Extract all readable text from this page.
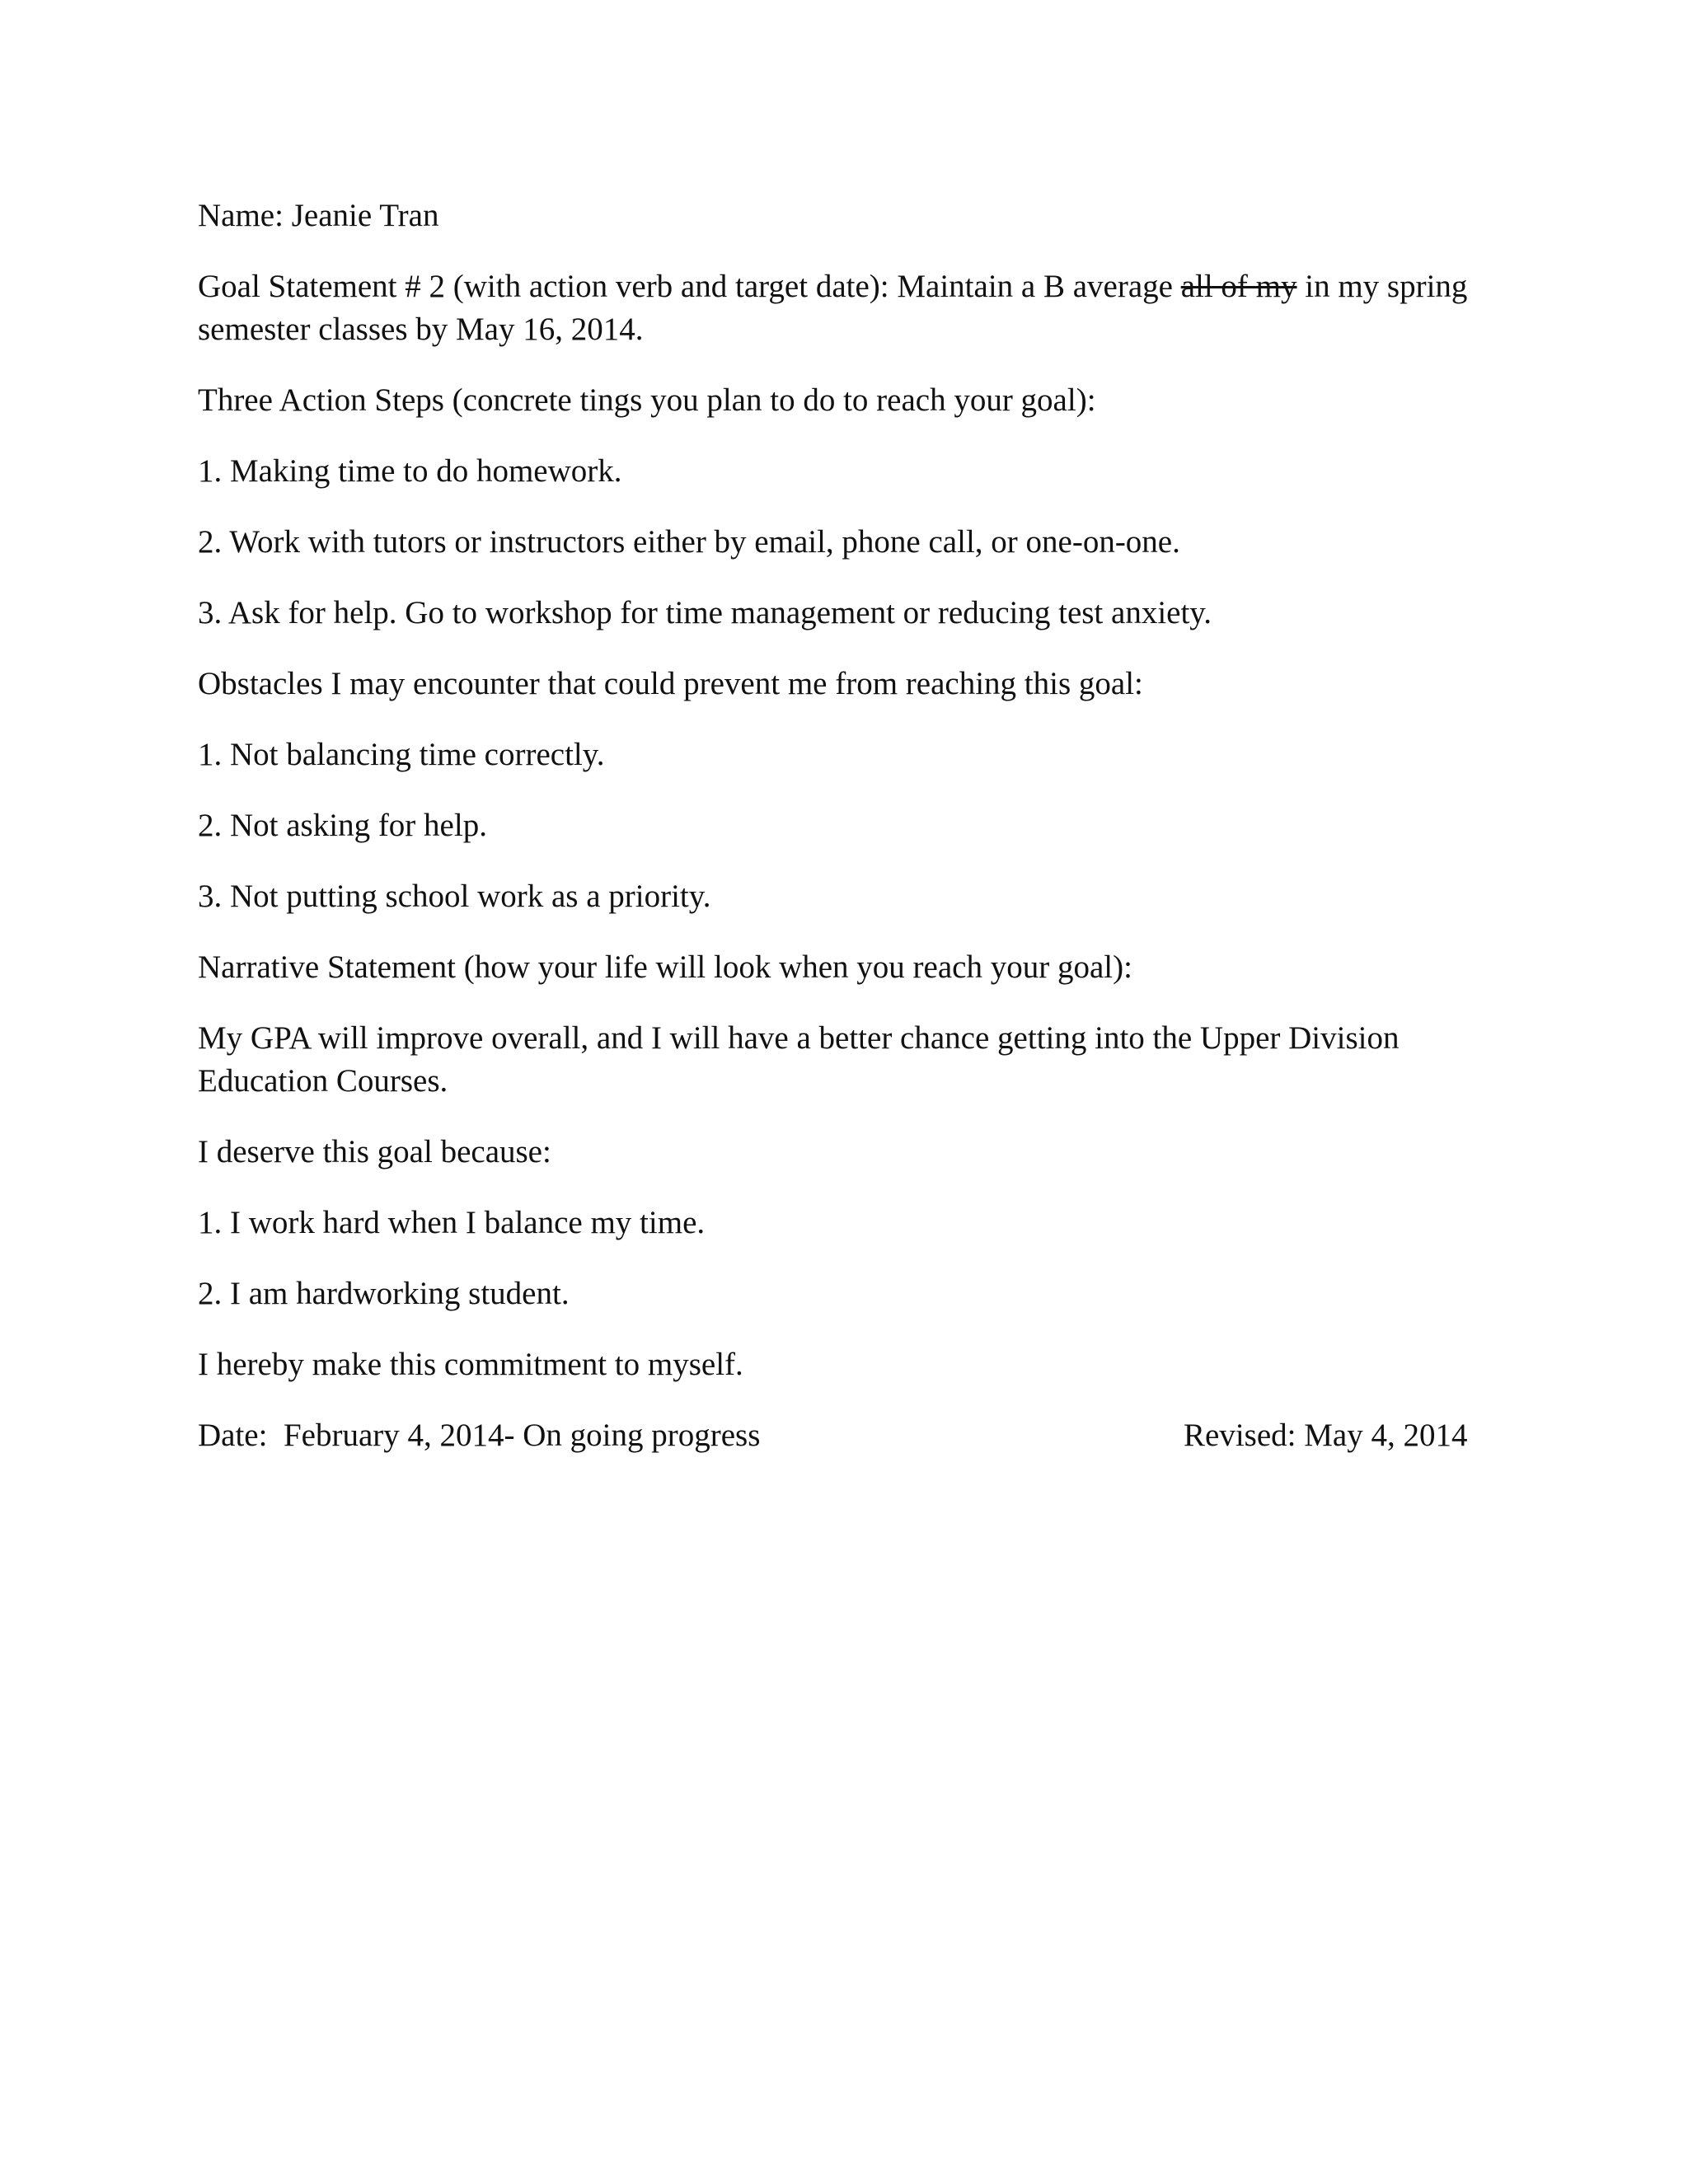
Name: Jeanie Tran

Goal Statement # 2 (with action verb and target date): Maintain a B average all of my in my spring semester classes by May 16, 2014.

Three Action Steps (concrete tings you plan to do to reach your goal):

1. Making time to do homework.

2. Work with tutors or instructors either by email, phone call, or one-on-one.

3. Ask for help. Go to workshop for time management or reducing test anxiety.

Obstacles I may encounter that could prevent me from reaching this goal:

1. Not balancing time correctly.

2. Not asking for help.

3. Not putting school work as a priority.

Narrative Statement (how your life will look when you reach your goal):

My GPA will improve overall, and I will have a better chance getting into the Upper Division Education Courses.

I deserve this goal because:

1. I work hard when I balance my time.

2. I am hardworking student.

I hereby make this commitment to myself.

Date:  February 4, 2014- On going progress	Revised: May 4, 2014
